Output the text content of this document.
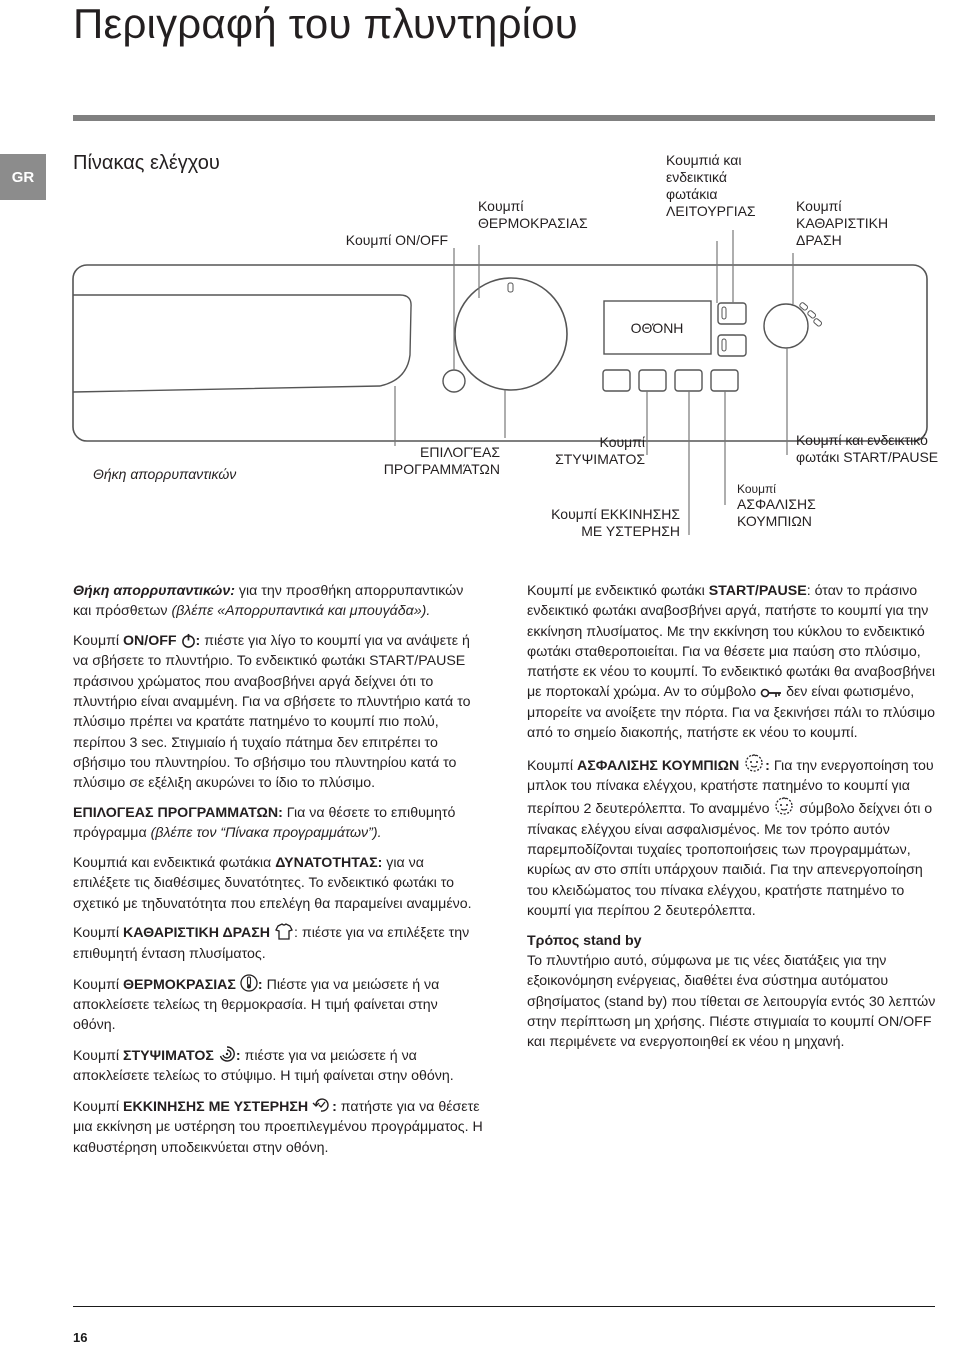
Περιγραφή του πλυντηρίου
GR
Πίνακας ελέγχου
ΟΘΌΝΗ
Κουμπί ON/OFF
Κουμπί
ΘΕΡΜΟΚΡΑΣΙΑΣ
Κουμπιά και
ενδεικτικά
φωτάκια
ΛΕΙΤΟΥΡΓΙΑΣ	Κουμπί
ΚΑΘΑΡΙΣΤΙΚΗ
ΔΡΑΣΗ
Θήκη απορρυπαντικών
ΕΠΙΛΟΓΈΑΣ
ΠΡΟΓΡΑΜΜΆΤΩΝ
Κουμπί
ΣΤΥΨΙΜΑΤΟΣ
Κουμπί ΕΚΚΙΝΗΣΗΣ
ΜΕ ΥΣΤΕΡΗΣΗ
Κουμπί
ΑΣΦΑΛΙΣΗΣ
ΚΟΥΜΠΙΩΝ
Κουμπί και ενδεικτικό
φωτάκι START/PAUSE

Θήκη απορρυπαντικών: για την προσθήκη απορρυπαντικών και πρόσθετων (βλέπε «Απορρυπαντικά και μπουγάδα»).

Κουμπί ON/OFF : πιέστε για λίγο το κουμπί για να ανάψετε ή να σβήσετε το πλυντήριο. Το ενδεικτικό φωτάκι START/PAUSE πράσινου χρώματος που αναβοσβήνει αργά δείχνει ότι το πλυντήριο είναι αναμμένη. Για να σβήσετε το πλυντήριο κατά το πλύσιμο πρέπει να κρατάτε πατημένο το κουμπί πιο πολύ, περίπου 3 sec. Στιγμιαίο ή τυχαίο πάτημα δεν επιτρέπει το σβήσιμο του πλυντηρίου. Το σβήσιμο του πλυντηρίου κατά το πλύσιμο σε εξέλιξη ακυρώνει το ίδιο το πλύσιμο.

ΕΠΙΛΟΓΕΑΣ ΠΡΟΓΡΑΜΜΑΤΩΝ: Για να θέσετε το επιθυμητό πρόγραμμα (βλέπε τον “Πίνακα προγραμμάτων”).

Κουμπιά και ενδεικτικά φωτάκια ΔΥΝΑΤΟΤΗΤΑΣ: για να επιλέξετε τις διαθέσιμες δυνατότητες. Το ενδεικτικό φωτάκι το σχετικό με τηδυνατότητα που επελέγη θα παραμείνει αναμμένο.

Κουμπί ΚΑΘΑΡΙΣΤΙΚΗ ΔΡΑΣΗ : πιέστε για να επιλέξετε την επιθυμητή ένταση πλυσίματος.

Κουμπί ΘΕΡΜΟΚΡΑΣΙΑΣ : Πιέστε για να μειώσετε ή να αποκλείσετε τελείως τη θερμοκρασία. Η τιμή φαίνεται στην οθόνη.

Κουμπί ΣΤΥΨΙΜΑΤΟΣ : πιέστε για να μειώσετε ή να αποκλείσετε τελείως το στύψιμο. Η τιμή φαίνεται στην οθόνη.

Κουμπί ΕΚΚΙΝΗΣΗΣ ΜΕ ΥΣΤΕΡΗΣΗ : πατήστε για να θέσετε μια εκκίνηση με υστέρηση του προεπιλεγμένου προγράμματος. Η καθυστέρηση υποδεικνύεται στην οθόνη.

Κουμπί με ενδεικτικό φωτάκι START/PAUSE: όταν το πράσινο ενδεικτικό φωτάκι αναβοσβήνει αργά, πατήστε το κουμπί για την εκκίνηση πλυσίματος. Με την εκκίνηση του κύκλου το ενδεικτικό φωτάκι σταθεροποιείται. Για να θέσετε μια παύση στο πλύσιμο, πατήστε εκ νέου το κουμπί. Το ενδεικτικό φωτάκι θα αναβοσβήνει με πορτοκαλί χρώμα. Αν το σύμβολο  δεν είναι φωτισμένο, μπορείτε να ανοίξετε την πόρτα. Για να ξεκινήσει πάλι το πλύσιμο από το σημείο διακοπής, πατήστε εκ νέου το κουμπί.

Κουμπί ΑΣΦΑΛΙΣΗΣ ΚΟΥΜΠΙΩΝ : Για την ενεργοποίηση του μπλοκ του πίνακα ελέγχου, κρατήστε πατημένο το κουμπί για περίπου 2 δευτερόλεπτα. Το αναμμένο  σύμβολο δείχνει ότι ο πίνακας ελέγχου είναι ασφαλισμένος. Με τον τρόπο αυτόν παρεμποδίζονται τυχαίες τροποποιήσεις των προγραμμάτων, κυρίως αν στο σπίτι υπάρχουν παιδιά. Για την απενεργοποίηση του κλειδώματος του πίνακα ελέγχου, κρατήστε πατημένο το κουμπί για περίπου 2 δευτερόλεπτα.

Τρόπος stand by
Το πλυντήριο αυτό, σύμφωνα με τις νέες διατάξεις για την εξοικονόμηση ενέργειας, διαθέτει ένα σύστημα αυτόματου σβησίματος (stand by) που τίθεται σε λειτουργία εντός 30 λεπτών στην περίπτωση μη χρήσης. Πιέστε στιγμιαία το κουμπί ON/OFF και περιμένετε να ενεργοποιηθεί εκ νέου η μηχανή.

16
